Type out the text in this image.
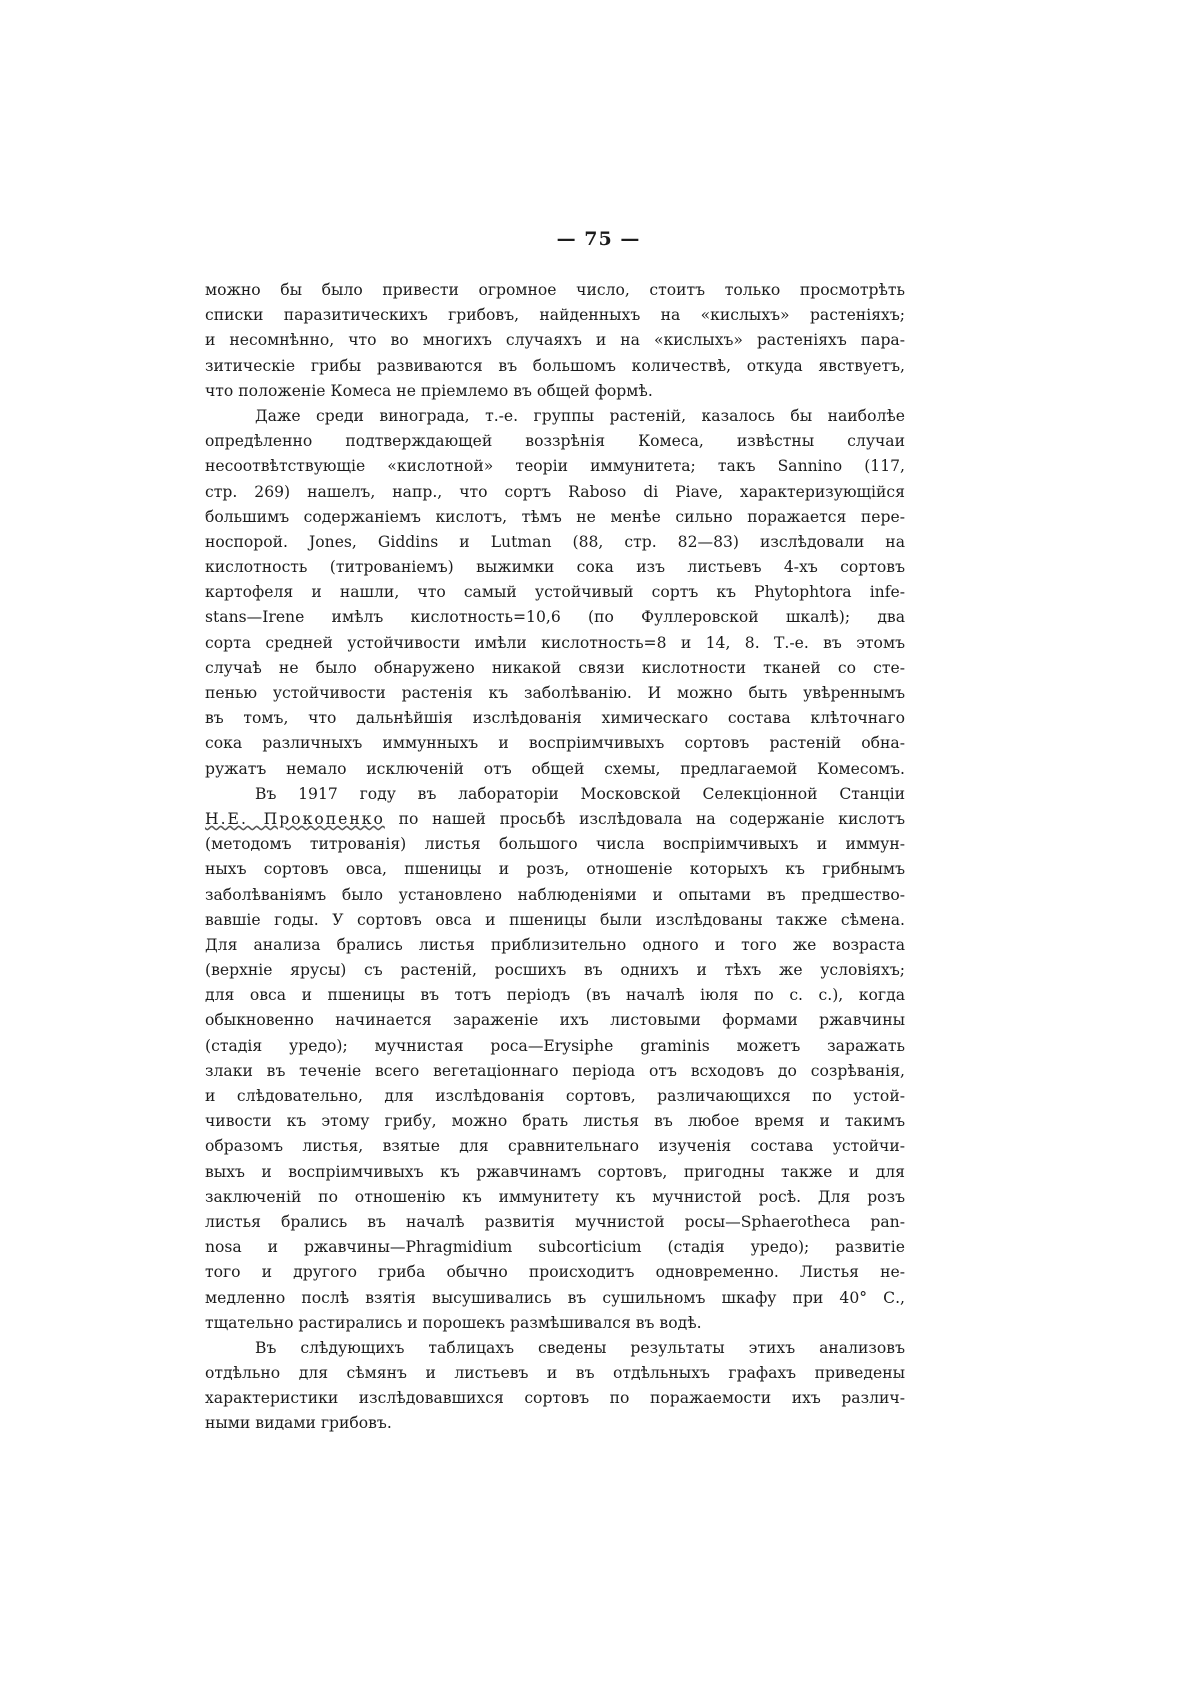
— 75 —
можно бы было привести огромное число, стоитъ только просмотрѣть
списки паразитическихъ грибовъ, найденныхъ на «кислыхъ» растеніяхъ;
и несомнѣнно, что во многихъ случаяхъ и на «кислыхъ» растеніяхъ пара-
зитическіе грибы развиваются въ большомъ количествѣ, откуда явствуетъ,
что положеніе Комеса не пріемлемо въ общей формѣ.
Даже среди винограда, т.-е. группы растеній, казалось бы наиболѣе
опредѣленно подтверждающей воззрѣнія Комеса, извѣстны случаи
несоотвѣтствующіе «кислотной» теоріи иммунитета; такъ Sannino (117,
стр. 269) нашелъ, напр., что сортъ Raboso di Piave, характеризующійся
большимъ содержаніемъ кислотъ, тѣмъ не менѣе сильно поражается пере-
носпорой. Jones, Giddins и Lutman (88, стр. 82—83) изслѣдовали на
кислотность (титрованіемъ) выжимки сока изъ листьевъ 4-хъ сортовъ
картофеля и нашли, что самый устойчивый сортъ къ Phytophtora infe-
stans—Irene имѣлъ кислотность=10,6 (по Фуллеровской шкалѣ); два
сорта средней устойчивости имѣли кислотность=8 и 14, 8. Т.-е. въ этомъ
случаѣ не было обнаружено никакой связи кислотности тканей со сте-
пенью устойчивости растенія къ заболѣванію. И можно быть увѣреннымъ
въ томъ, что дальнѣйшія изслѣдованія химическаго состава клѣточнаго
сока различныхъ иммунныхъ и воспріимчивыхъ сортовъ растеній обна-
ружатъ немало исключеній отъ общей схемы, предлагаемой Комесомъ.
Въ 1917 году въ лабораторіи Московской Селекціонной Станціи
Н.Е. Прокопенко по нашей просьбѣ изслѣдовала на содержаніе кислотъ
(методомъ титрованія) листья большого числа воспріимчивыхъ и иммун-
ныхъ сортовъ овса, пшеницы и розъ, отношеніе которыхъ къ грибнымъ
заболѣваніямъ было установлено наблюденіями и опытами въ предшество-
вавшіе годы. У сортовъ овса и пшеницы были изслѣдованы также сѣмена.
Для анализа брались листья приблизительно одного и того же возраста
(верхніе ярусы) съ растеній, росшихъ въ однихъ и тѣхъ же условіяхъ;
для овса и пшеницы въ тотъ періодъ (въ началѣ іюля по с. с.), когда
обыкновенно начинается зараженіе ихъ листовыми формами ржавчины
(стадія уредо); мучнистая роса—Erysiphe graminis можетъ заражать
злаки въ теченіе всего вегетаціоннаго періода отъ всходовъ до созрѣванія,
и слѣдовательно, для изслѣдованія сортовъ, различающихся по устой-
чивости къ этому грибу, можно брать листья въ любое время и такимъ
образомъ листья, взятые для сравнительнаго изученія состава устойчи-
выхъ и воспріимчивыхъ къ ржавчинамъ сортовъ, пригодны также и для
заключеній по отношенію къ иммунитету къ мучнистой росѣ. Для розъ
листья брались въ началѣ развитія мучнистой росы—Sphaerotheca pan-
nosa и ржавчины—Phragmidium subcorticium (стадія уредо); развитіе
того и другого гриба обычно происходитъ одновременно. Листья не-
медленно послѣ взятія высушивались въ сушильномъ шкафу при 40° С.,
тщательно растирались и порошекъ размѣшивался въ водѣ.
Въ слѣдующихъ таблицахъ сведены результаты этихъ анализовъ
отдѣльно для сѣмянъ и листьевъ и въ отдѣльныхъ графахъ приведены
характеристики изслѣдовавшихся сортовъ по поражаемости ихъ различ-
ными видами грибовъ.
